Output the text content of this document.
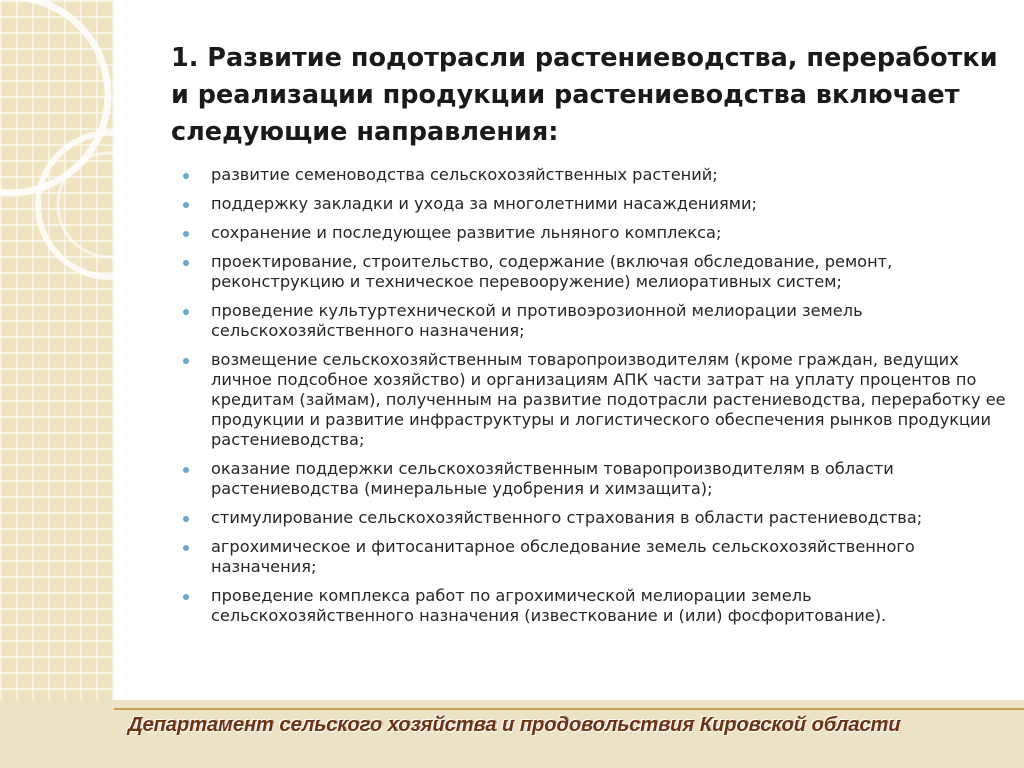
1. Развитие подотрасли растениеводства, переработки и реализации продукции растениеводства включает следующие направления:
развитие семеноводства сельскохозяйственных растений;
поддержку закладки и ухода за многолетними насаждениями;
сохранение и последующее развитие льняного комплекса;
проектирование, строительство, содержание (включая обследование, ремонт, реконструкцию и техническое перевооружение) мелиоративных систем;
проведение культуртехнической и противоэрозионной мелиорации земель сельскохозяйственного назначения;
возмещение сельскохозяйственным товаропроизводителям (кроме граждан, ведущих личное подсобное хозяйство) и организациям АПК части затрат на уплату процентов по кредитам (займам), полученным на развитие подотрасли растениеводства, переработку ее продукции и развитие инфраструктуры и логистического обеспечения рынков продукции растениеводства;
оказание поддержки сельскохозяйственным товаропроизводителям в области растениеводства (минеральные удобрения и химзащита);
стимулирование сельскохозяйственного страхования в области растениеводства;
агрохимическое и фитосанитарное обследование земель сельскохозяйственного назначения;
проведение комплекса работ по агрохимической мелиорации земель сельскохозяйственного назначения (известкование и (или) фосфоритование).
Департамент сельского хозяйства и продовольствия Кировской области
